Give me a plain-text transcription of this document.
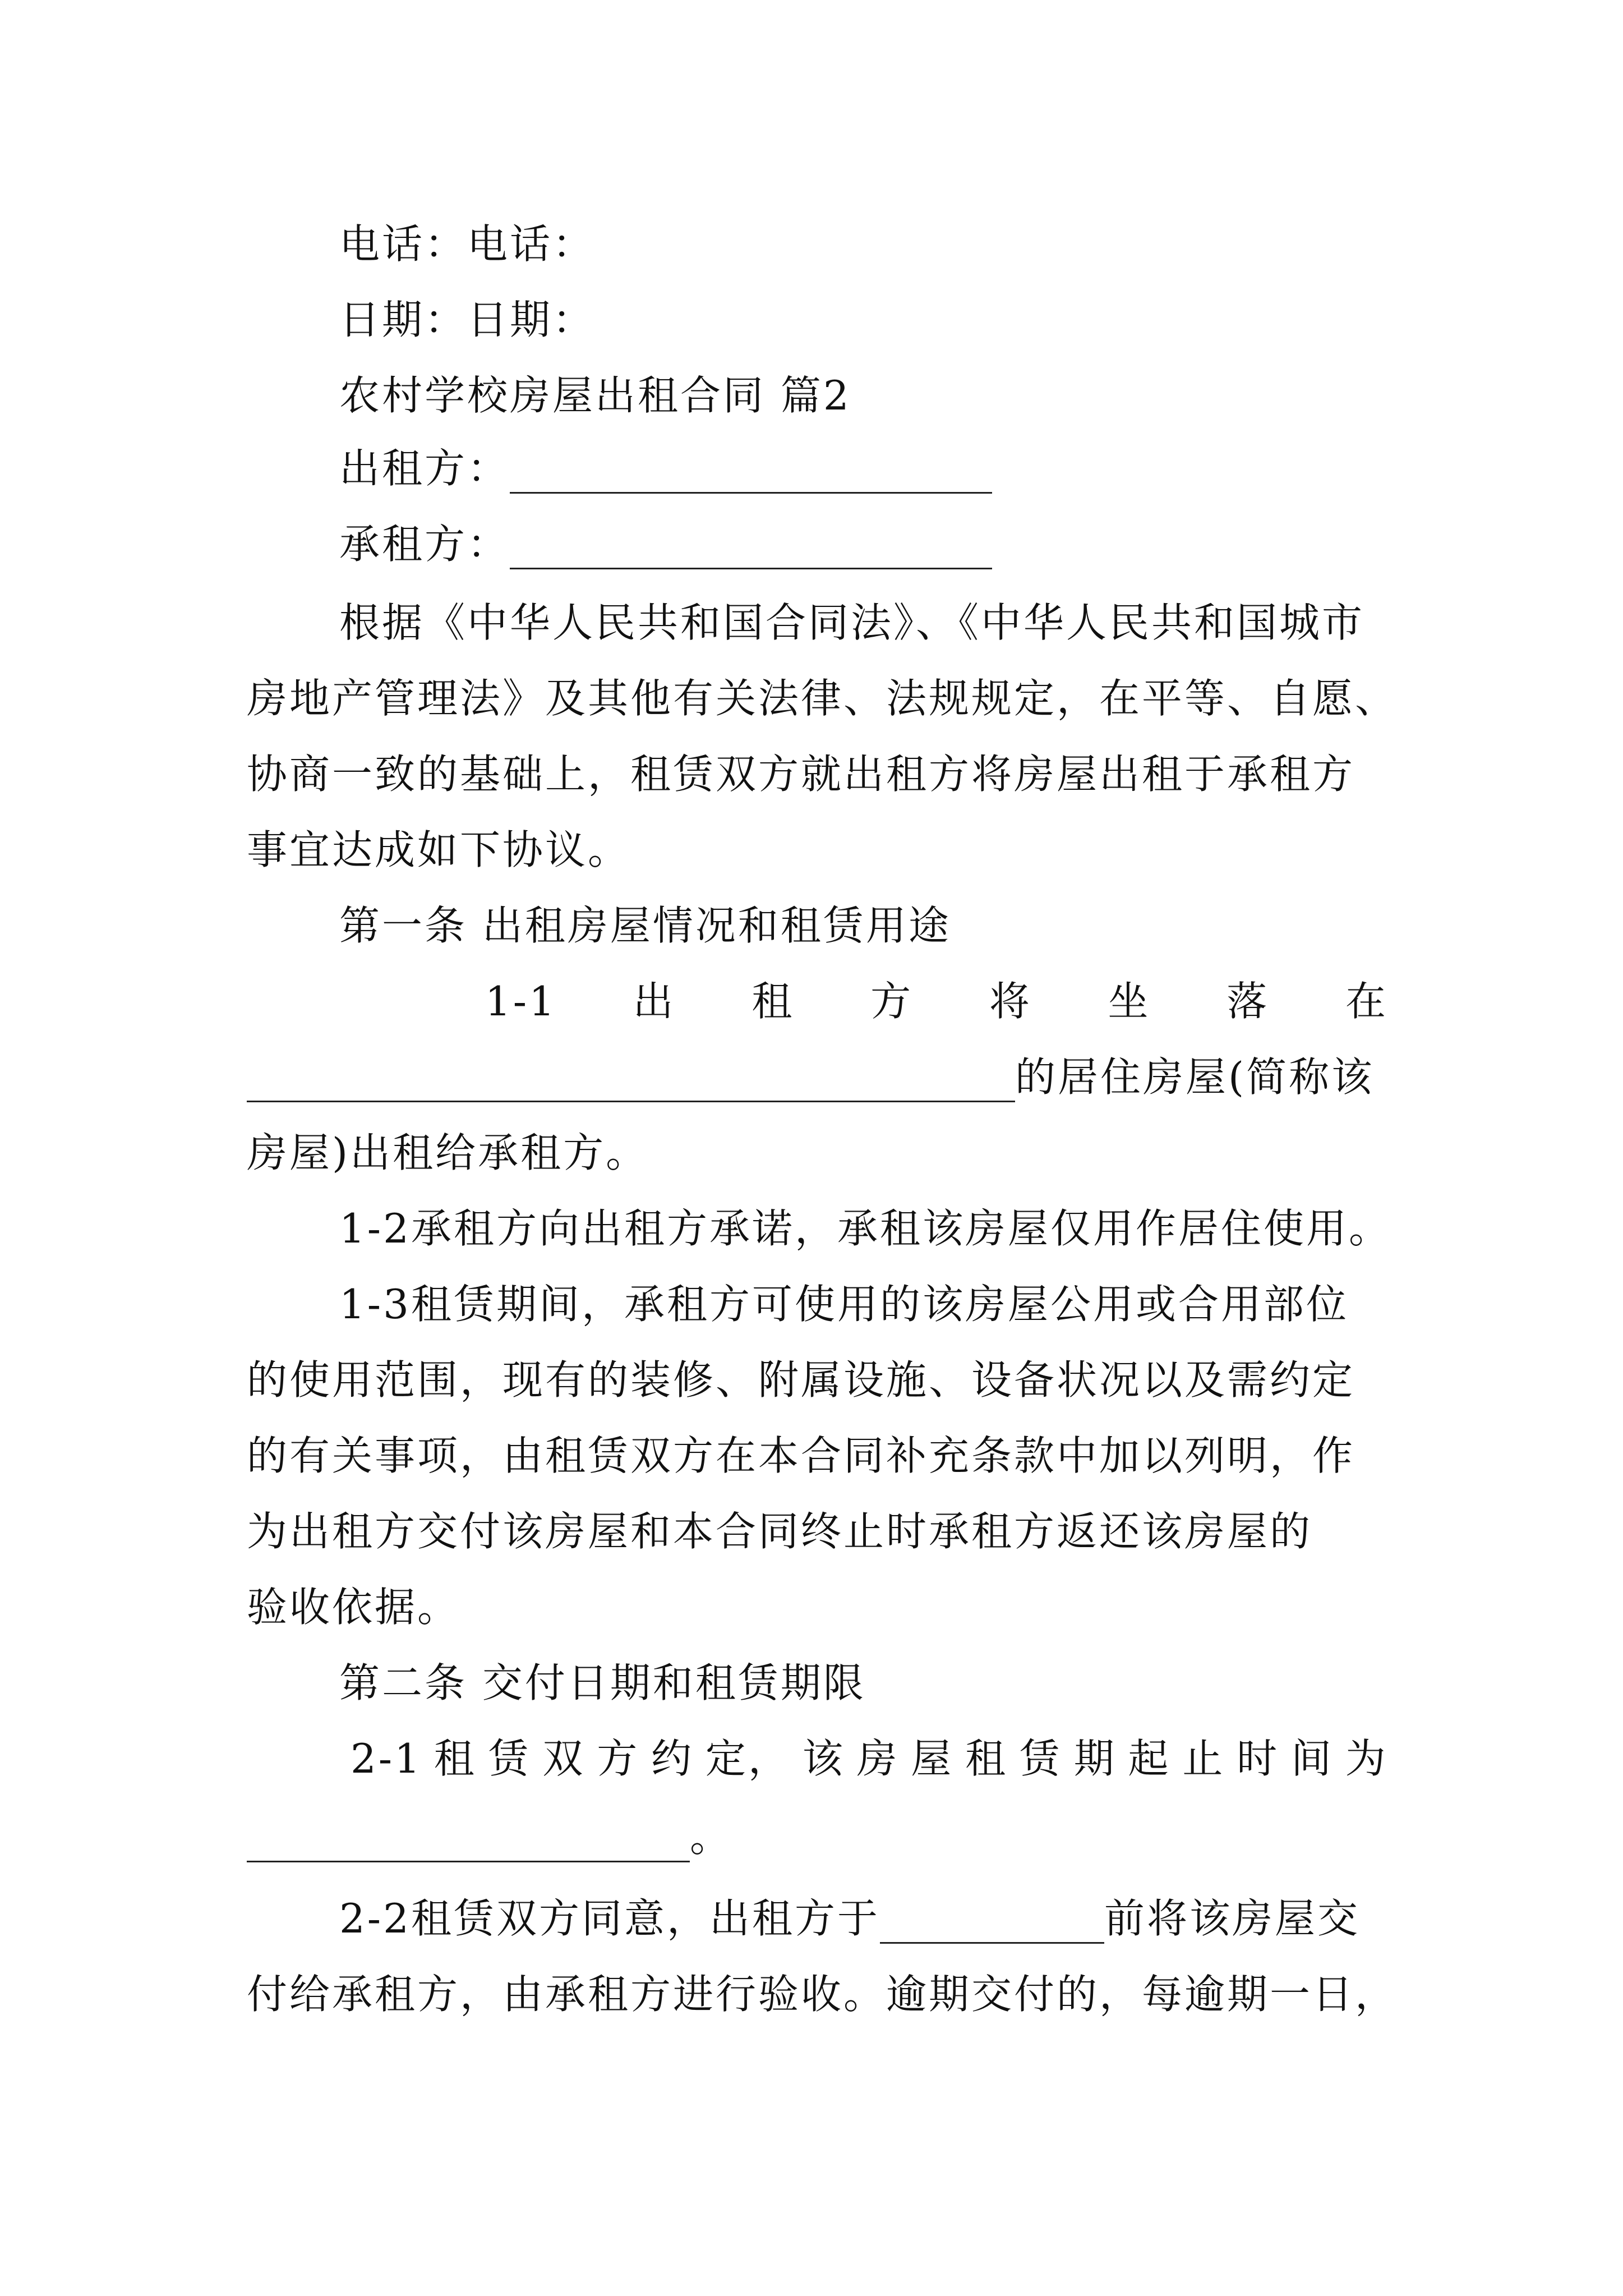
电话：电话：
日期：日期：
农村学校房屋出租合同 篇2
出租方：
承租方：
根据《中华人民共和国合同法》、《中华人民共和国城市
房地产管理法》及其他有关法律、法规规定，在平等、自愿、
协商一致的基础上，租赁双方就出租方将房屋出租于承租方
事宜达成如下协议。
第一条 出租房屋情况和租赁用途
1-1 出 租 方 将 坐 落 在
的居住房屋(简称该
房屋)出租给承租方。
1-2承租方向出租方承诺，承租该房屋仅用作居住使用。
1-3租赁期间，承租方可使用的该房屋公用或合用部位
的使用范围，现有的装修、附属设施、设备状况以及需约定
的有关事项，由租赁双方在本合同补充条款中加以列明，作
为出租方交付该房屋和本合同终止时承租方返还该房屋的
验收依据。
第二条 交付日期和租赁期限
2-1 租 赁 双 方 约 定， 该 房 屋 租 赁 期 起 止 时 间 为
。
2-2租赁双方同意，出租方于	前将该房屋交
付给承租方，由承租方进行验收。逾期交付的，每逾期一日，
